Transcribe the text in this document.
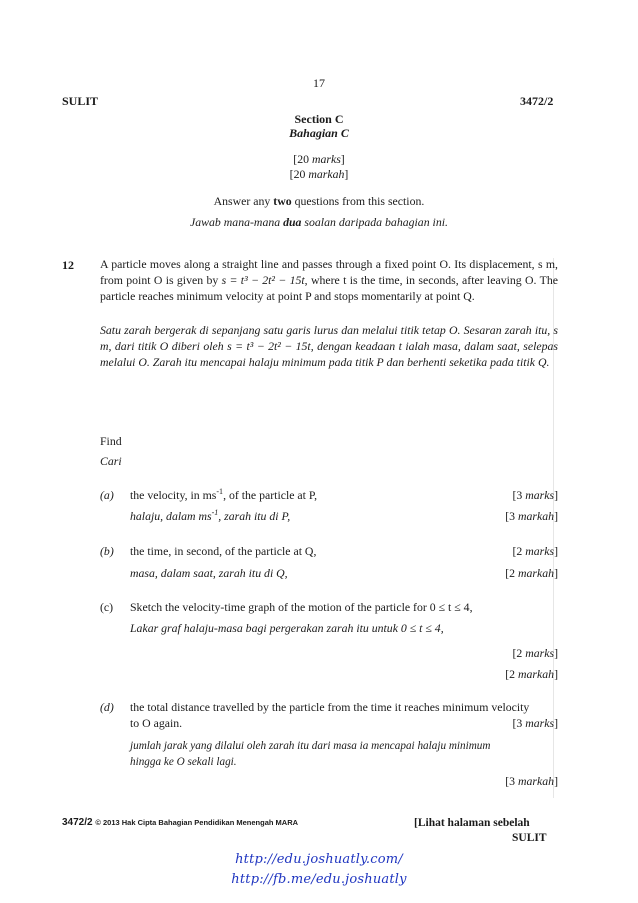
17
SULIT	3472/2
Section C
Bahagian C
[20 marks]
[20 markah]
Answer any two questions from this section.
Jawab mana-mana dua soalan daripada bahagian ini.
12 A particle moves along a straight line and passes through a fixed point O. Its displacement, s m, from point O is given by s = t³ − 2t² − 15t, where t is the time, in seconds, after leaving O. The particle reaches minimum velocity at point P and stops momentarily at point Q.
Satu zarah bergerak di sepanjang satu garis lurus dan melalui titik tetap O. Sesaran zarah itu, s m, dari titik O diberi oleh s = t³ − 2t² − 15t, dengan keadaan t ialah masa, dalam saat, selepas melalui O. Zarah itu mencapai halaju minimum pada titik P dan berhenti seketika pada titik Q.
Find
Cari
(a) the velocity, in $ms^{-1}$, of the particle at P,	[3 marks]
halaju, dalam $ms^{-1}$, zarah itu di P,	[3 markah]
(b) the time, in second, of the particle at Q,	[2 marks]
masa, dalam saat, zarah itu di Q,	[2 markah]
(c) Sketch the velocity-time graph of the motion of the particle for 0 ≤ t ≤ 4,
Lakar graf halaju-masa bagi pergerakan zarah itu untuk 0 ≤ t ≤ 4,
[2 marks]
[2 markah]
(d) the total distance travelled by the particle from the time it reaches minimum velocity
to O again.	[3 marks]
jumlah jarak yang dilalui oleh zarah itu dari masa ia mencapai halaju minimum
hingga ke O sekali lagi.
[3 markah]
3472/2 © 2013 Hak Cipta Bahagian Pendidikan Menengah MARA	[Lihat halaman sebelah
SULIT
http://edu.joshuatly.com/
http://fb.me/edu.joshuatly
